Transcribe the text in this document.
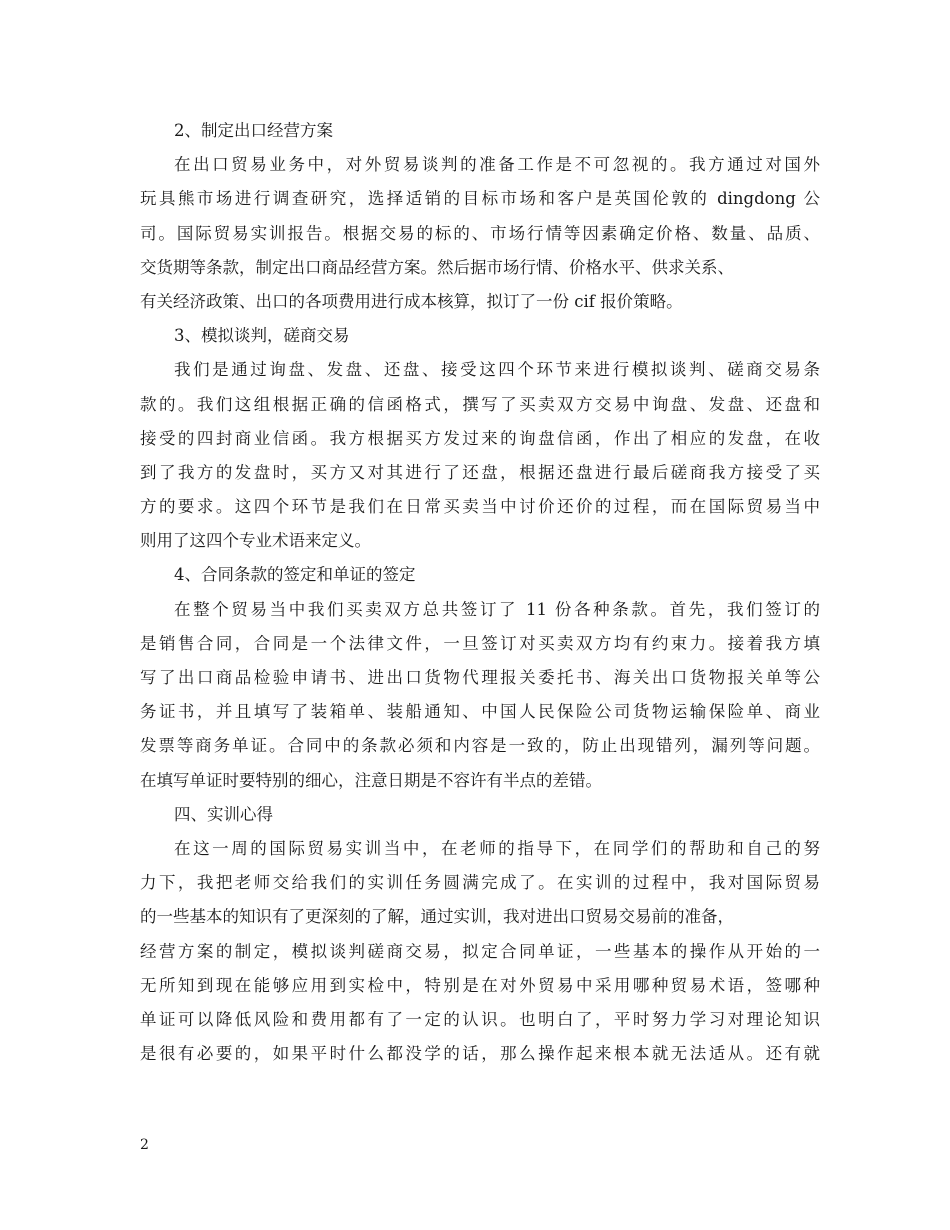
2、制定出口经营方案
在出口贸易业务中，对外贸易谈判的准备工作是不可忽视的。我方通过对国外
玩具熊市场进行调查研究，选择适销的目标市场和客户是英国伦敦的 dingdong 公
司。国际贸易实训报告。根据交易的标的、市场行情等因素确定价格、数量、品质、
交货期等条款，制定出口商品经营方案。然后据市场行情、价格水平、供求关系、
有关经济政策、出口的各项费用进行成本核算，拟订了一份 cif 报价策略。
3、模拟谈判，磋商交易
我们是通过询盘、发盘、还盘、接受这四个环节来进行模拟谈判、磋商交易条
款的。我们这组根据正确的信函格式，撰写了买卖双方交易中询盘、发盘、还盘和
接受的四封商业信函。我方根据买方发过来的询盘信函，作出了相应的发盘，在收
到了我方的发盘时，买方又对其进行了还盘，根据还盘进行最后磋商我方接受了买
方的要求。这四个环节是我们在日常买卖当中讨价还价的过程，而在国际贸易当中
则用了这四个专业术语来定义。
4、合同条款的签定和单证的签定
在整个贸易当中我们买卖双方总共签订了 11 份各种条款。首先，我们签订的
是销售合同，合同是一个法律文件，一旦签订对买卖双方均有约束力。接着我方填
写了出口商品检验申请书、进出口货物代理报关委托书、海关出口货物报关单等公
务证书，并且填写了装箱单、装船通知、中国人民保险公司货物运输保险单、商业
发票等商务单证。合同中的条款必须和内容是一致的，防止出现错列，漏列等问题。
在填写单证时要特别的细心，注意日期是不容许有半点的差错。
四、实训心得
在这一周的国际贸易实训当中，在老师的指导下，在同学们的帮助和自己的努
力下，我把老师交给我们的实训任务圆满完成了。在实训的过程中，我对国际贸易
的一些基本的知识有了更深刻的了解，通过实训，我对进出口贸易交易前的准备，
经营方案的制定，模拟谈判磋商交易，拟定合同单证，一些基本的操作从开始的一
无所知到现在能够应用到实检中，特别是在对外贸易中采用哪种贸易术语，签哪种
单证可以降低风险和费用都有了一定的认识。也明白了，平时努力学习对理论知识
是很有必要的，如果平时什么都没学的话，那么操作起来根本就无法适从。还有就
2
